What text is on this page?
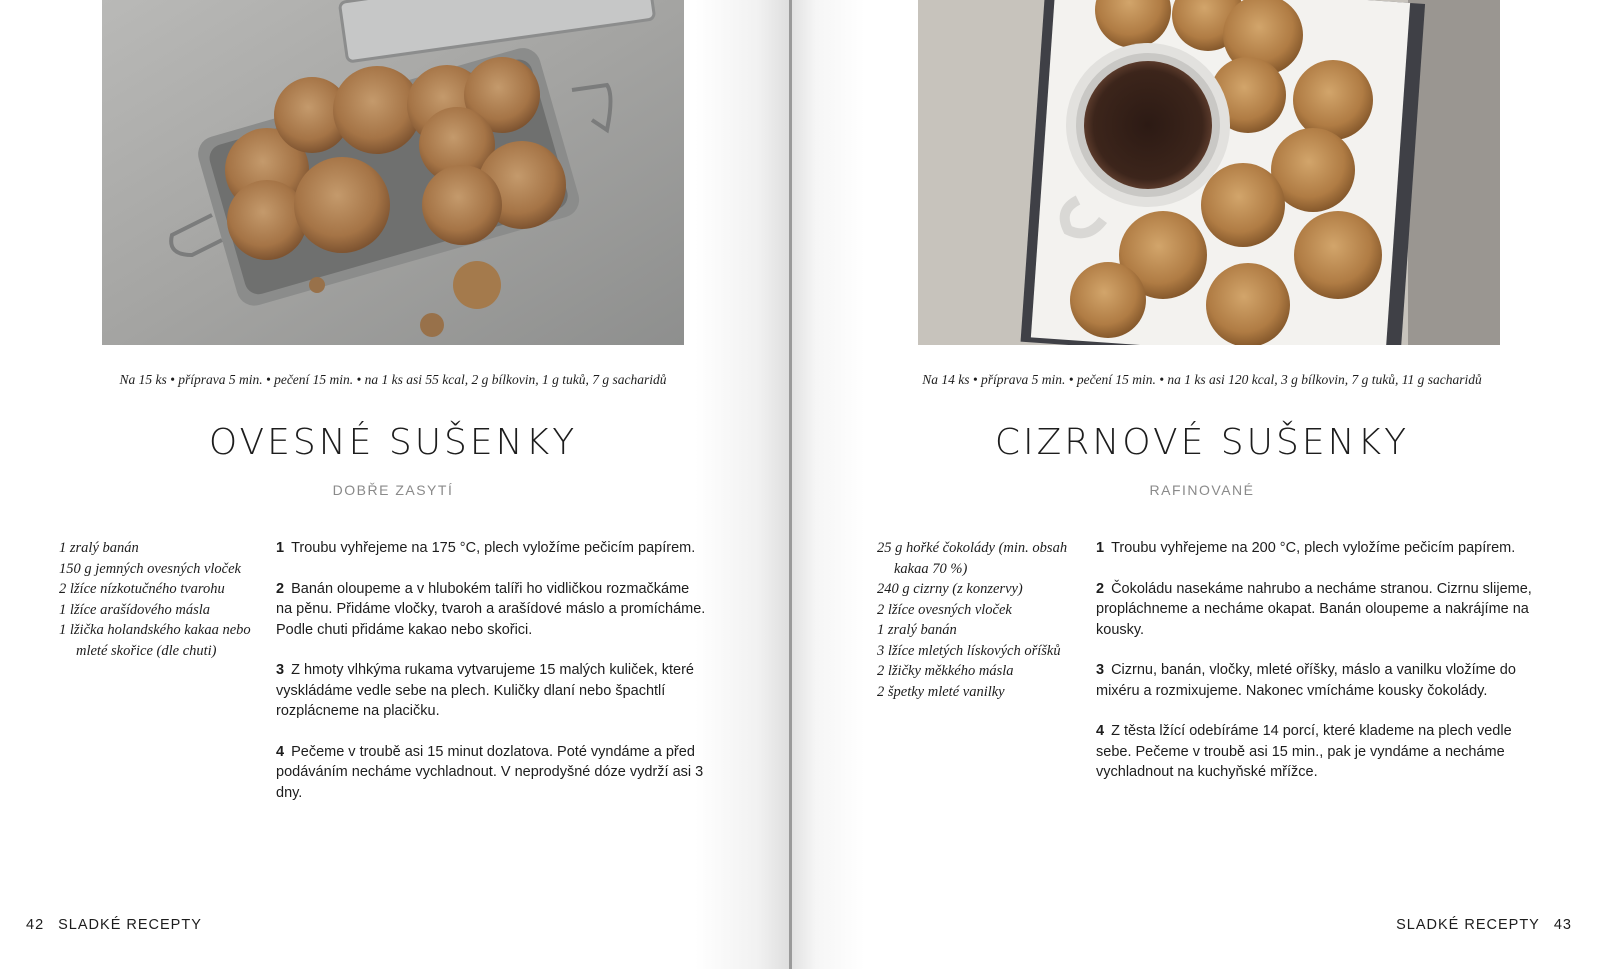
Na 15 ks • příprava 5 min. • pečení 15 min. • na 1 ks asi 55 kcal, 2 g bílkovin, 1 g tuků, 7 g sacharidů
OVESNÉ SUŠENKY
DOBŘE ZASYTÍ
1 zralý banán
150 g jemných ovesných vloček
2 lžíce nízkotučného tvarohu
1 lžíce arašídového másla
1 lžička holandského kakaa nebo mleté skořice (dle chuti)
1 Troubu vyhřejeme na 175 °C, plech vyložíme pečicím papírem.
2 Banán oloupeme a v hlubokém talíři ho vidličkou rozmačkáme na pěnu. Přidáme vločky, tvaroh a arašídové máslo a promícháme. Podle chuti přidáme kakao nebo skořici.
3 Z hmoty vlhkýma rukama vytvarujeme 15 malých kuliček, které vyskládáme vedle sebe na plech. Kuličky dlaní nebo špachtlí rozplácneme na placičku.
4 Pečeme v troubě asi 15 minut dozlatova. Poté vyndáme a před podáváním necháme vychladnout. V neprodyšné dóze vydrží asi 3 dny.
42 SLADKÉ RECEPTY
Na 14 ks • příprava 5 min. • pečení 15 min. • na 1 ks asi 120 kcal, 3 g bílkovin, 7 g tuků, 11 g sacharidů
CIZRNOVÉ SUŠENKY
RAFINOVANÉ
25 g hořké čokolády (min. obsah kakaa 70 %)
240 g cizrny (z konzervy)
2 lžíce ovesných vloček
1 zralý banán
3 lžíce mletých lískových oříšků
2 lžičky měkkého másla
2 špetky mleté vanilky
1 Troubu vyhřejeme na 200 °C, plech vyložíme pečicím papírem.
2 Čokoládu nasekáme nahrubo a necháme stranou. Cizrnu slijeme, propláchneme a necháme okapat. Banán oloupeme a nakrájíme na kousky.
3 Cizrnu, banán, vločky, mleté oříšky, máslo a vanilku vložíme do mixéru a rozmixujeme. Nakonec vmícháme kousky čokolády.
4 Z těsta lžící odebíráme 14 porcí, které klademe na plech vedle sebe. Pečeme v troubě asi 15 min., pak je vyndáme a necháme vychladnout na kuchyňské mřížce.
SLADKÉ RECEPTY 43
